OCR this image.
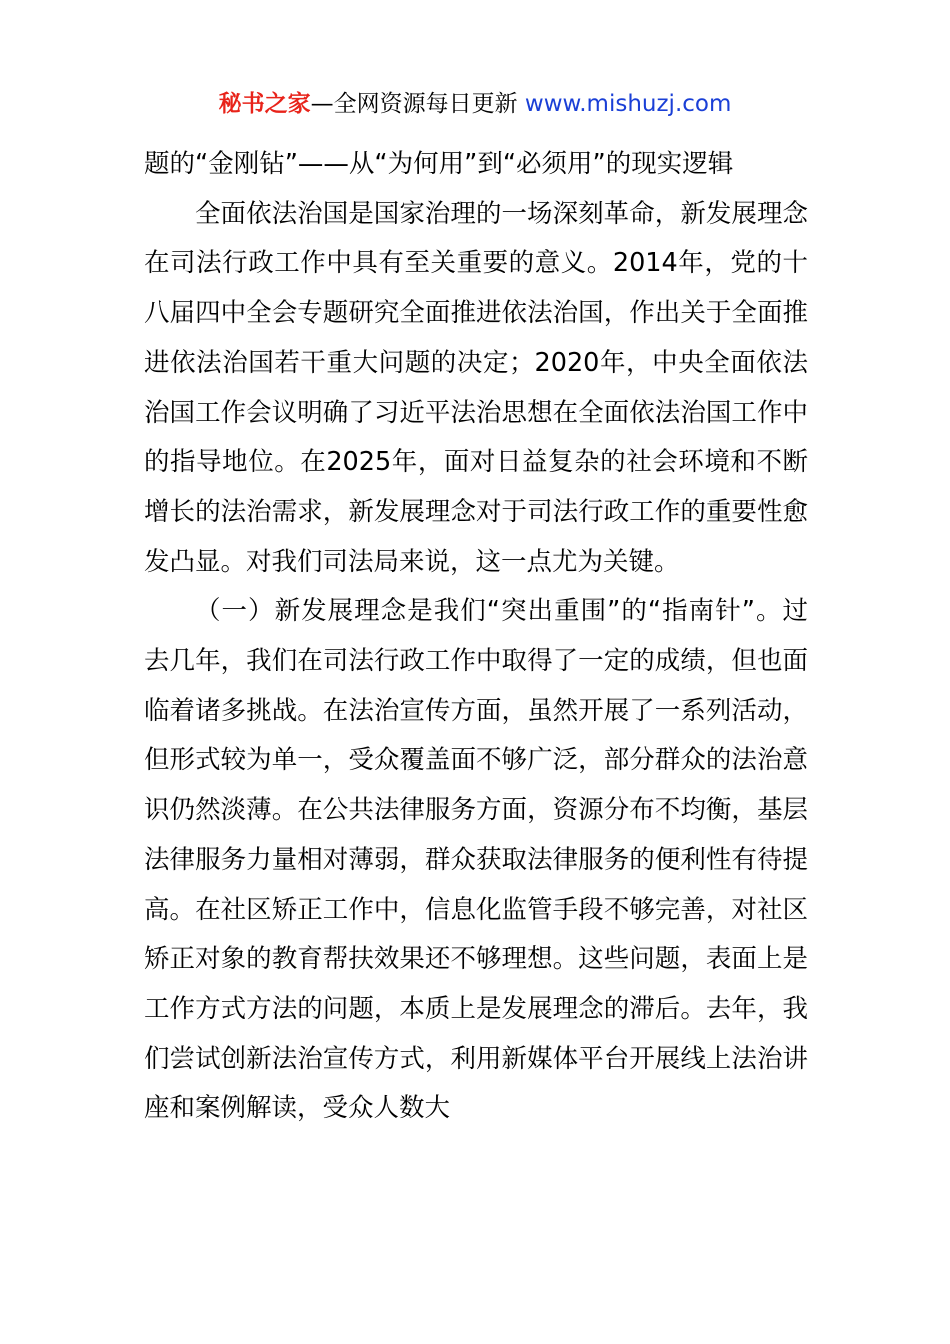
秘书之家—全网资源每日更新 www.mishuzj.com

题的“金刚钻”——从“为何用”到“必须用”的现实逻辑

全面依法治国是国家治理的一场深刻革命，新发展理念在司法行政工作中具有至关重要的意义。2014年，党的十八届四中全会专题研究全面推进依法治国，作出关于全面推进依法治国若干重大问题的决定；2020年，中央全面依法治国工作会议明确了习近平法治思想在全面依法治国工作中的指导地位。在2025年，面对日益复杂的社会环境和不断增长的法治需求，新发展理念对于司法行政工作的重要性愈发凸显。对我们司法局来说，这一点尤为关键。

（一）新发展理念是我们“突出重围”的“指南针”。过去几年，我们在司法行政工作中取得了一定的成绩，但也面临着诸多挑战。在法治宣传方面，虽然开展了一系列活动，但形式较为单一，受众覆盖面不够广泛，部分群众的法治意识仍然淡薄。在公共法律服务方面，资源分布不均衡，基层法律服务力量相对薄弱，群众获取法律服务的便利性有待提高。在社区矫正工作中，信息化监管手段不够完善，对社区矫正对象的教育帮扶效果还不够理想。这些问题，表面上是工作方式方法的问题，本质上是发展理念的滞后。去年，我们尝试创新法治宣传方式，利用新媒体平台开展线上法治讲座和案例解读，受众人数大
